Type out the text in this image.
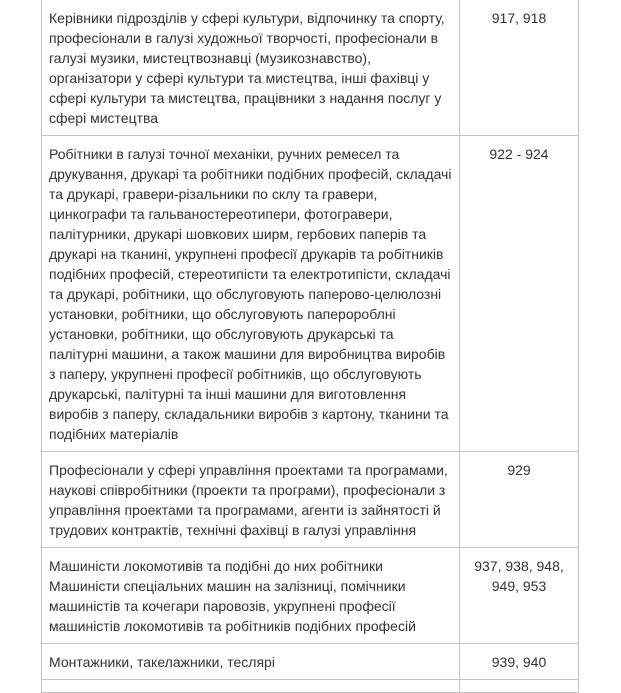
Керівники підрозділів у сфері культури, відпочинку та спорту, професіонали в галузі художньої творчості, професіонали в галузі музики, мистецтвознавці (музикознавство), організатори у сфері культури та мистецтва, інші фахівці у сфері культури та мистецтва, працівники з надання послуг у сфері мистецтва	917, 918
Робітники в галузі точної механіки, ручних ремесел та друкування, друкарі та робітники подібних професій, складачі та друкарі, гравери-різальники по склу та гравери, цинкографи та гальваностереотипери, фотогравери, палітурники, друкарі шовкових ширм, гербових паперів та друкарі на тканині, укрупнені професії друкарів та робітників подібних професій, стереотипісти та електротипісти, складачі та друкарі, робітники, що обслуговують паперово-целюлозні установки, робітники, що обслуговують паперороблні установки, робітники, що обслуговують друкарські та палітурні машини, а також машини для виробництва виробів з паперу, укрупнені професії робітників, що обслуговують друкарські, палітурні та інші машини для виготовлення виробів з паперу, складальники виробів з картону, тканини та подібних матеріалів	922 - 924
Професіонали у сфері управління проектами та програмами, наукові співробітники (проекти та програми), професіонали з управління проектами та програмами, агенти із зайнятості й трудових контрактів, технічні фахівці в галузі управління	929
Машиністи локомотивів та подібні до них робітники Машиністи спеціальних машин на залізниці, помічники машиністів та кочегари паровозів, укрупнені професії машиністів локомотивів та робітників подібних професій	937, 938, 948, 949, 953
Монтажники, такелажники, теслярі	939, 940
